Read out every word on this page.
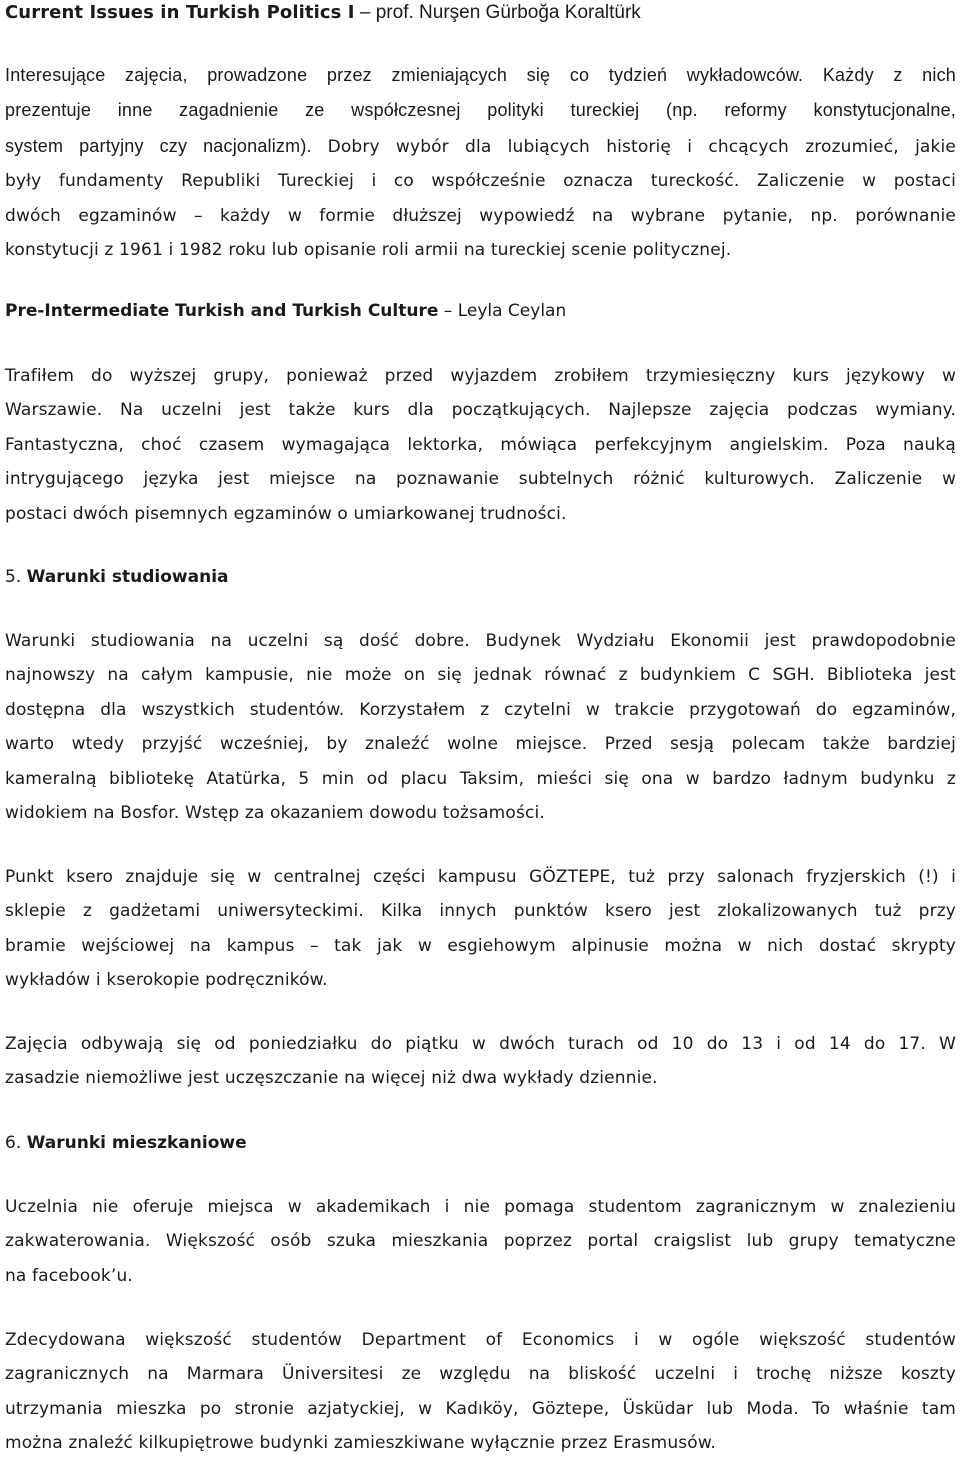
Current Issues in Turkish Politics I – prof. Nurşen Gürboğa Koraltürk
Interesujące zajęcia, prowadzone przez zmieniających się co tydzień wykładowców. Każdy z nich
prezentuje inne zagadnienie ze współczesnej polityki tureckiej (np. reformy konstytucjonalne,
system partyjny czy nacjonalizm). Dobry wybór dla lubiących historię i chcących zrozumieć, jakie
były fundamenty Republiki Tureckiej i co współcześnie oznacza tureckość. Zaliczenie w postaci
dwóch egzaminów – każdy w formie dłuższej wypowiedź na wybrane pytanie, np. porównanie
konstytucji z 1961 i 1982 roku lub opisanie roli armii na tureckiej scenie politycznej.
Pre-Intermediate Turkish and Turkish Culture – Leyla Ceylan
Trafiłem do wyższej grupy, ponieważ przed wyjazdem zrobiłem trzymiesięczny kurs językowy w
Warszawie. Na uczelni jest także kurs dla początkujących. Najlepsze zajęcia podczas wymiany.
Fantastyczna, choć czasem wymagająca lektorka, mówiąca perfekcyjnym angielskim. Poza nauką
intrygującego języka jest miejsce na poznawanie subtelnych różnić kulturowych. Zaliczenie w
postaci dwóch pisemnych egzaminów o umiarkowanej trudności.
5. Warunki studiowania
Warunki studiowania na uczelni są dość dobre. Budynek Wydziału Ekonomii jest prawdopodobnie
najnowszy na całym kampusie, nie może on się jednak równać z budynkiem C SGH. Biblioteka jest
dostępna dla wszystkich studentów. Korzystałem z czytelni w trakcie przygotowań do egzaminów,
warto wtedy przyjść wcześniej, by znaleźć wolne miejsce. Przed sesją polecam także bardziej
kameralną bibliotekę Atatürka, 5 min od placu Taksim, mieści się ona w bardzo ładnym budynku z
widokiem na Bosfor. Wstęp za okazaniem dowodu tożsamości.
Punkt ksero znajduje się w centralnej części kampusu GÖZTEPE, tuż przy salonach fryzjerskich (!) i
sklepie z gadżetami uniwersyteckimi. Kilka innych punktów ksero jest zlokalizowanych tuż przy
bramie wejściowej na kampus – tak jak w esgiehowym alpinusie można w nich dostać skrypty
wykładów i kserokopie podręczników.
Zajęcia odbywają się od poniedziałku do piątku w dwóch turach od 10 do 13 i od 14 do 17. W
zasadzie niemożliwe jest uczęszczanie na więcej niż dwa wykłady dziennie.
6. Warunki mieszkaniowe
Uczelnia nie oferuje miejsca w akademikach i nie pomaga studentom zagranicznym w znalezieniu
zakwaterowania. Większość osób szuka mieszkania poprzez portal craigslist lub grupy tematyczne
na facebook’u.
Zdecydowana większość studentów Department of Economics i w ogóle większość studentów
zagranicznych na Marmara Üniversitesi ze względu na bliskość uczelni i trochę niższe koszty
utrzymania mieszka po stronie azjatyckiej, w Kadıköy, Göztepe, Üsküdar lub Moda. To właśnie tam
można znaleźć kilkupiętrowe budynki zamieszkiwane wyłącznie przez Erasmusów.
